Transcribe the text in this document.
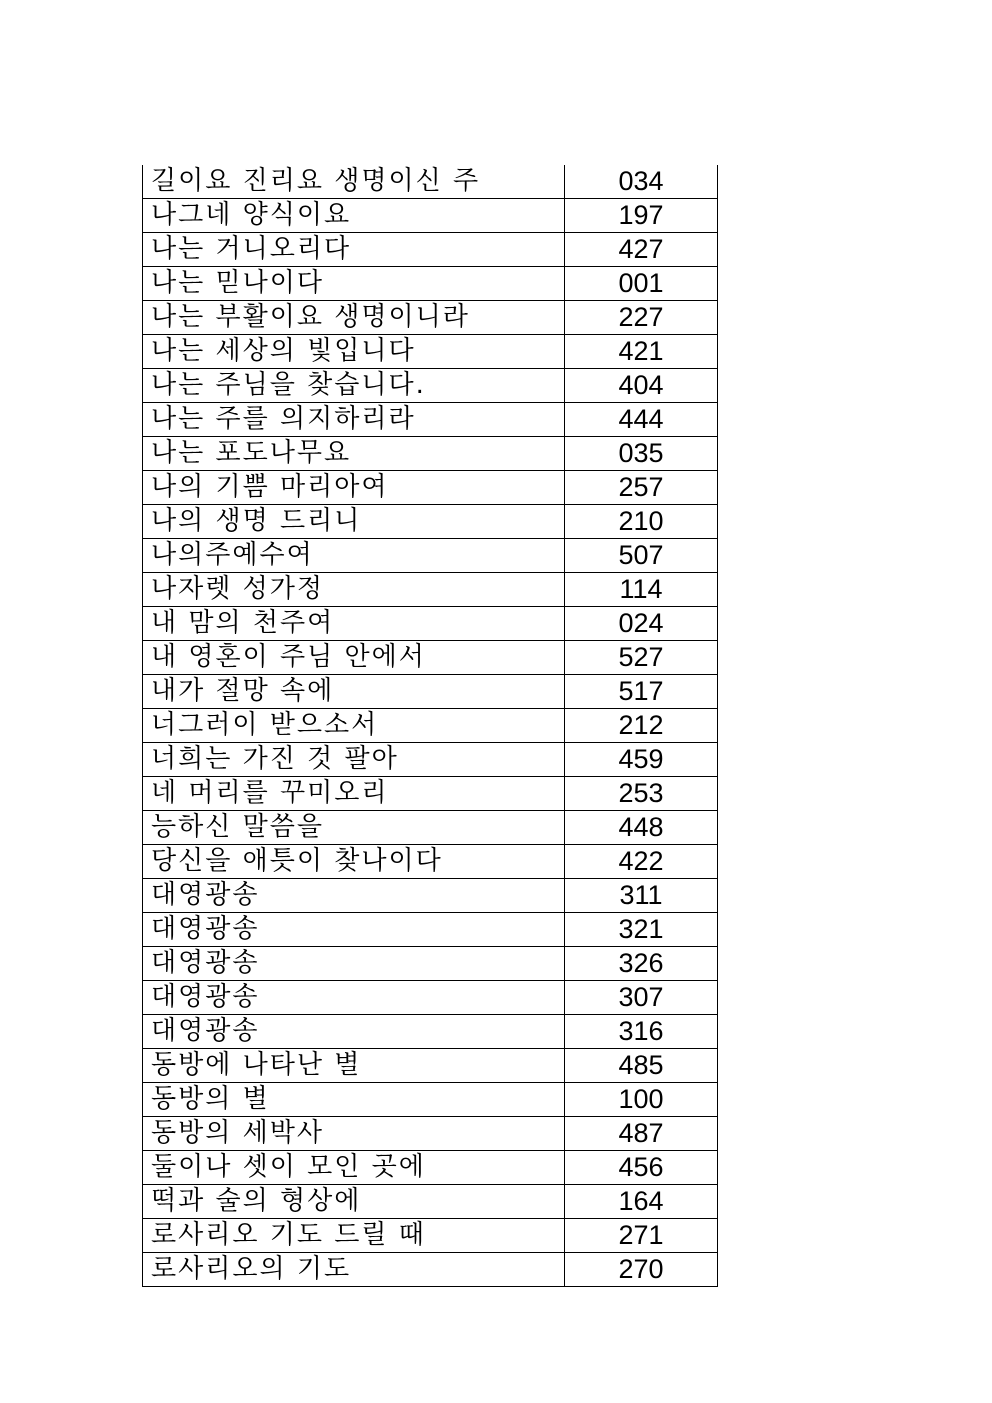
길이요 진리요 생명이신 주	034
나그네 양식이요	197
나는 거니오리다	427
나는 믿나이다	001
나는 부활이요 생명이니라	227
나는 세상의 빛입니다	421
나는 주님을 찾습니다.	404
나는 주를 의지하리라	444
나는 포도나무요	035
나의 기쁨 마리아여	257
나의 생명 드리니	210
나의주예수여	507
나자렛 성가정	114
내 맘의 천주여	024
내 영혼이 주님 안에서	527
내가 절망 속에	517
너그러이 받으소서	212
너희는 가진 것 팔아	459
네 머리를 꾸미오리	253
능하신 말씀을	448
당신을 애틋이 찾나이다	422
대영광송	311
대영광송	321
대영광송	326
대영광송	307
대영광송	316
동방에 나타난 별	485
동방의 별	100
동방의 세박사	487
둘이나 셋이 모인 곳에	456
떡과 술의 형상에	164
로사리오 기도 드릴 때	271
로사리오의 기도	270
